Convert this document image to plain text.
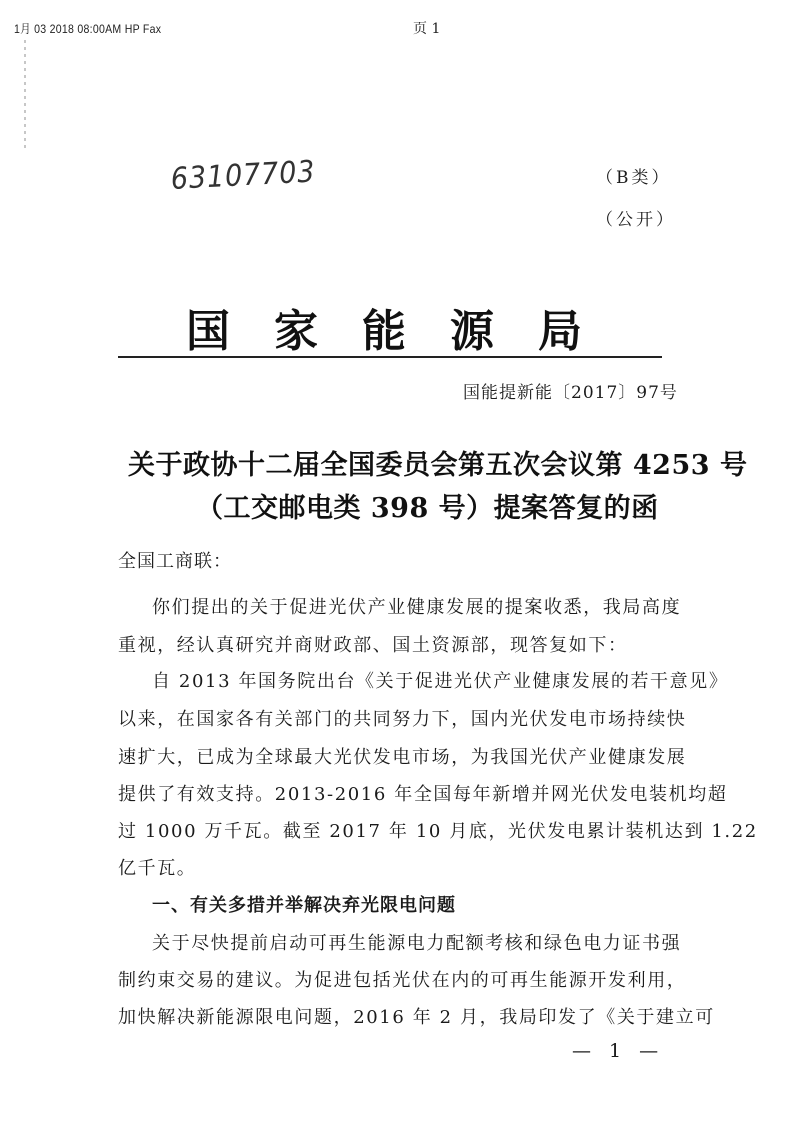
1月 03 2018 08:00AM HP Fax	页 1
63107703	（B类）
（公开）
国家能源局
国能提新能〔2017〕97号
关于政协十二届全国委员会第五次会议第 4253 号
（工交邮电类 398 号）提案答复的函
全国工商联：
你们提出的关于促进光伏产业健康发展的提案收悉，我局高度
重视，经认真研究并商财政部、国土资源部，现答复如下：
自 2013 年国务院出台《关于促进光伏产业健康发展的若干意见》
以来，在国家各有关部门的共同努力下，国内光伏发电市场持续快
速扩大，已成为全球最大光伏发电市场，为我国光伏产业健康发展
提供了有效支持。2013-2016 年全国每年新增并网光伏发电装机均超
过 1000 万千瓦。截至 2017 年 10 月底，光伏发电累计装机达到 1.22
亿千瓦。
一、有关多措并举解决弃光限电问题
关于尽快提前启动可再生能源电力配额考核和绿色电力证书强
制约束交易的建议。为促进包括光伏在内的可再生能源开发利用，
加快解决新能源限电问题，2016 年 2 月，我局印发了《关于建立可
— 1 —
